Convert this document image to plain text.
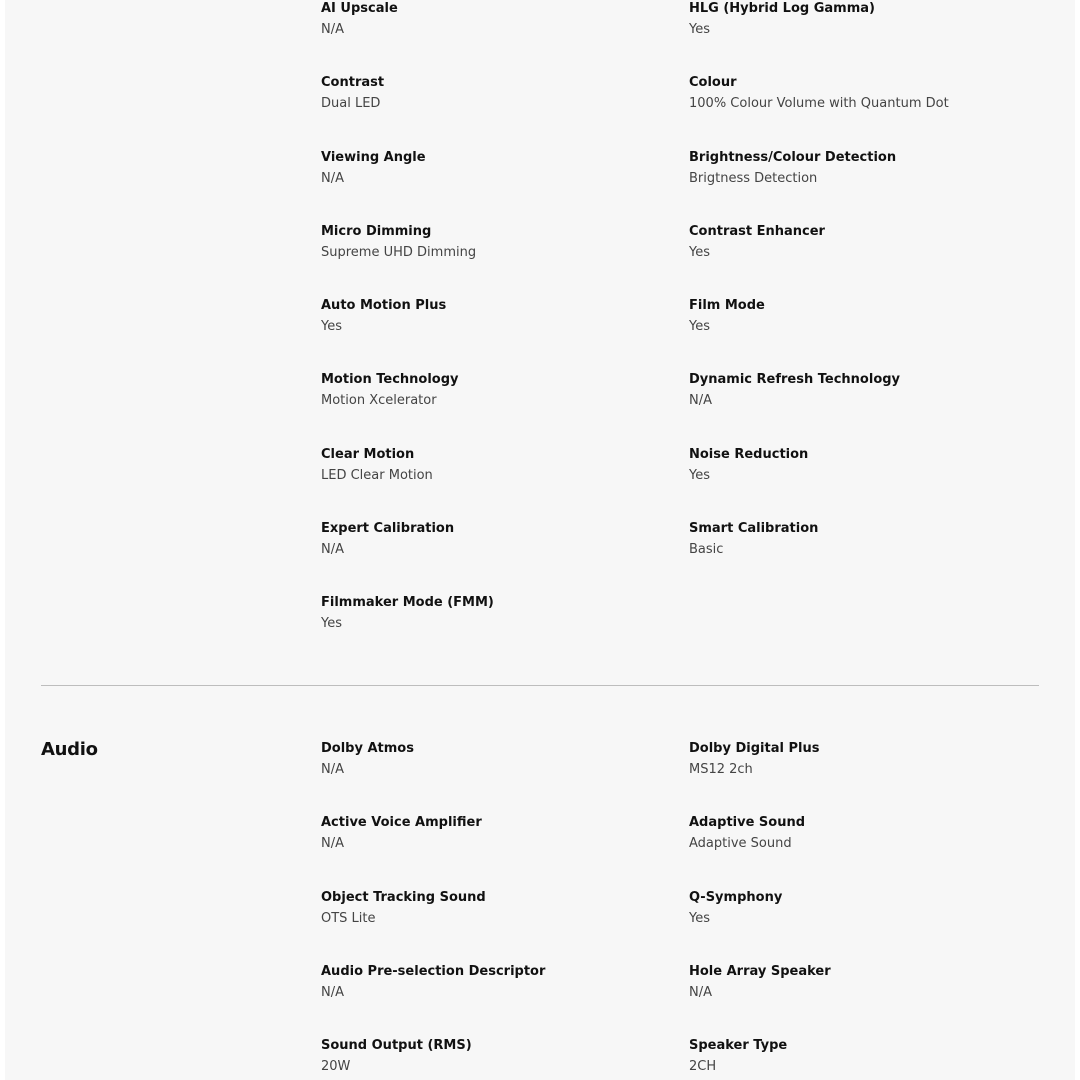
AI Upscale
N/A
HLG (Hybrid Log Gamma)
Yes
Contrast
Dual LED
Colour
100% Colour Volume with Quantum Dot
Viewing Angle
N/A
Brightness/Colour Detection
Brigtness Detection
Micro Dimming
Supreme UHD Dimming
Contrast Enhancer
Yes
Auto Motion Plus
Yes
Film Mode
Yes
Motion Technology
Motion Xcelerator
Dynamic Refresh Technology
N/A
Clear Motion
LED Clear Motion
Noise Reduction
Yes
Expert Calibration
N/A
Smart Calibration
Basic
Filmmaker Mode (FMM)
Yes
Audio	Dolby Atmos
N/A
Dolby Digital Plus
MS12 2ch
Active Voice Amplifier
N/A
Adaptive Sound
Adaptive Sound
Object Tracking Sound
OTS Lite
Q-Symphony
Yes
Audio Pre-selection Descriptor
N/A
Hole Array Speaker
N/A
Sound Output (RMS)
20W
Speaker Type
2CH
